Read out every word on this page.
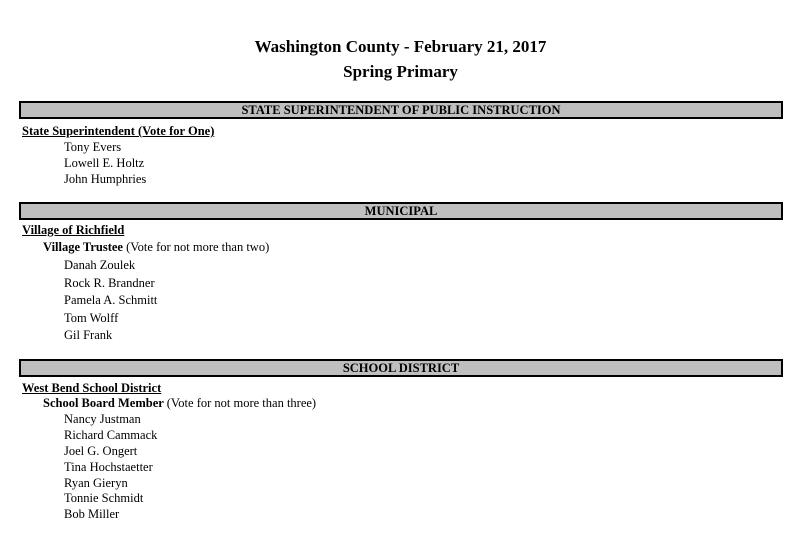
Washington County - February 21, 2017
Spring Primary
STATE SUPERINTENDENT OF PUBLIC INSTRUCTION
State Superintendent (Vote for One)
Tony Evers
Lowell E. Holtz
John Humphries
MUNICIPAL
Village of Richfield
Village Trustee (Vote for not more than two)
Danah Zoulek
Rock R. Brandner
Pamela A. Schmitt
Tom Wolff
Gil Frank
SCHOOL DISTRICT
West Bend School District
School Board Member (Vote for not more than three)
Nancy Justman
Richard Cammack
Joel G. Ongert
Tina Hochstaetter
Ryan Gieryn
Tonnie Schmidt
Bob Miller
